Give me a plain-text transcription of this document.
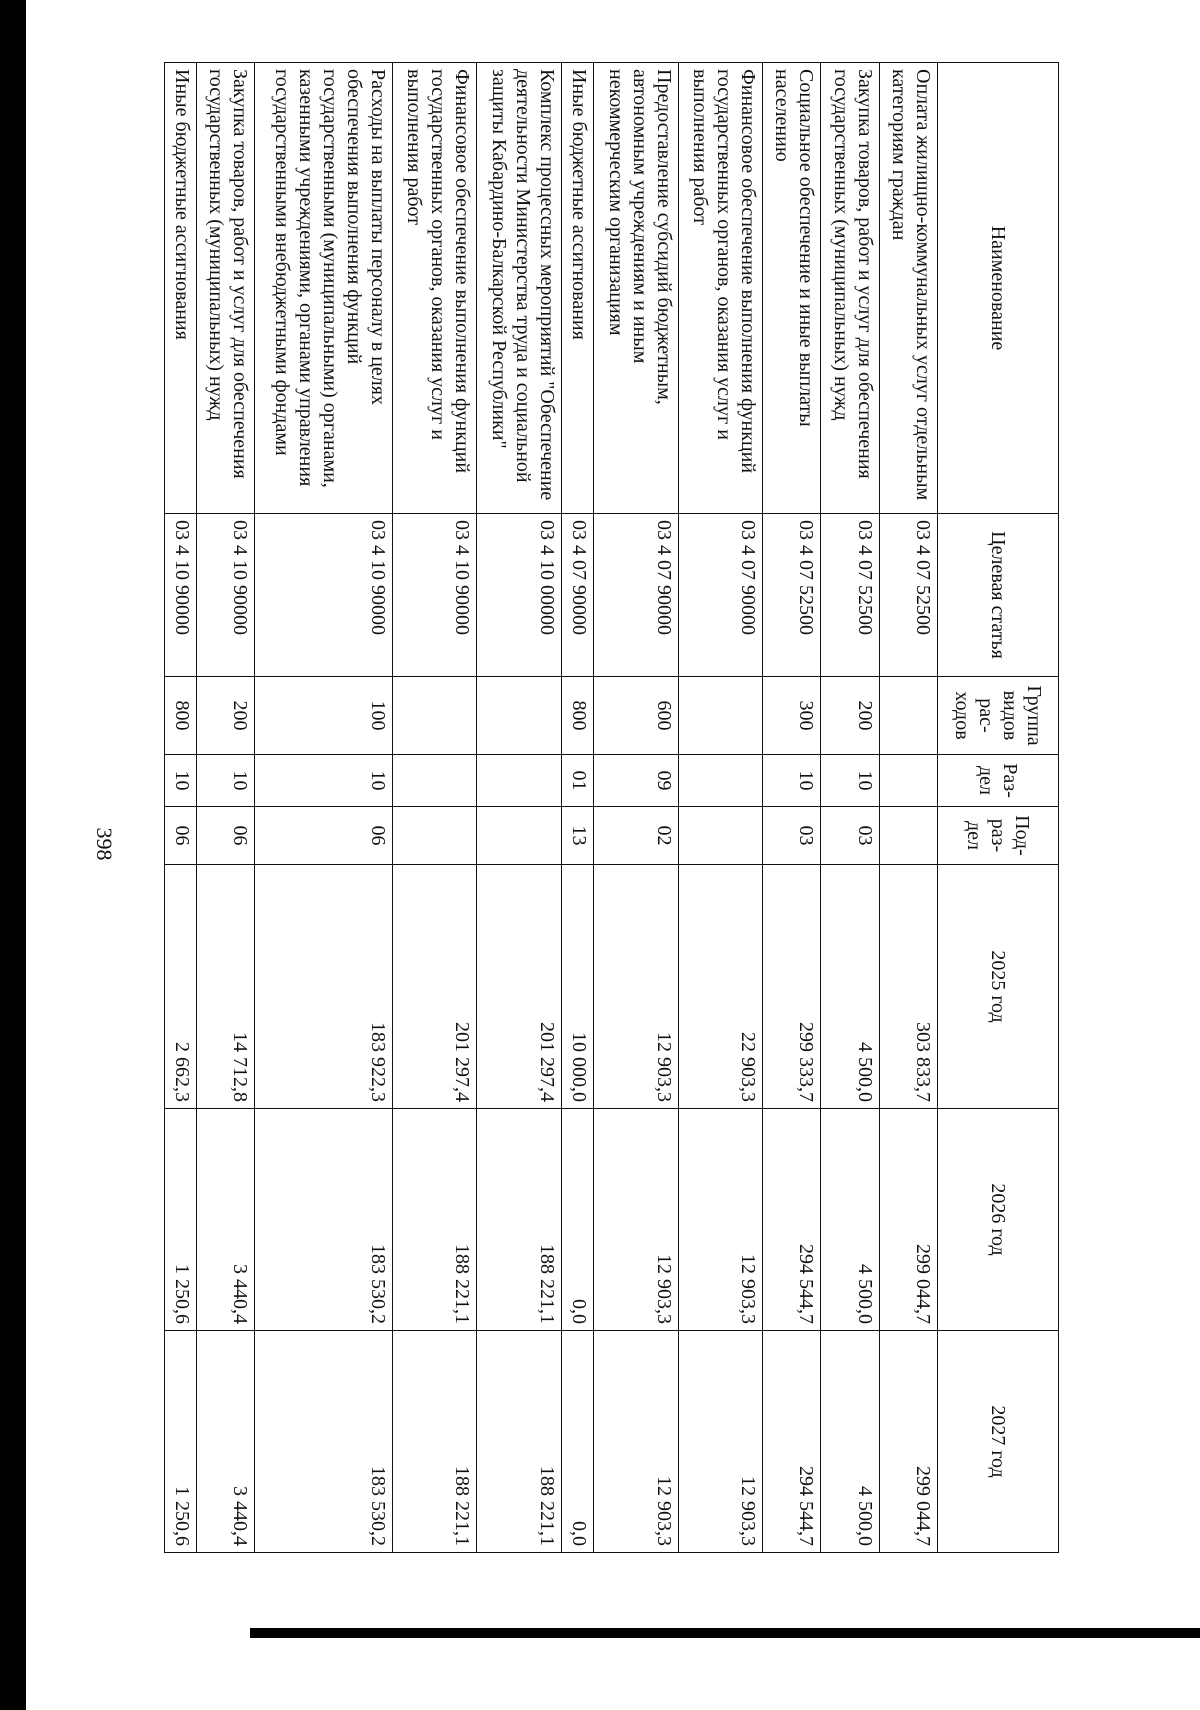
398
Наименование	Целевая статья	Группа видов рас-ходов	Раз-дел	Под-раз-дел	2025 год	2026 год	2027 год
Оплата жилищно-коммунальных услуг отдельным категориям граждан	03 4 07 52500				303 833,7	299 044,7	299 044,7
Закупка товаров, работ и услуг для обеспечения государственных (муниципальных) нужд	03 4 07 52500	200	10	03	4 500,0	4 500,0	4 500,0
Социальное обеспечение и иные выплаты населению	03 4 07 52500	300	10	03	299 333,7	294 544,7	294 544,7
Финансовое обеспечение выполнения функций государственных органов, оказания услуг и выполнения работ	03 4 07 90000				22 903,3	12 903,3	12 903,3
Предоставление субсидий бюджетным, автономным учреждениям и иным некоммерческим организациям	03 4 07 90000	600	09	02	12 903,3	12 903,3	12 903,3
Иные бюджетные ассигнования	03 4 07 90000	800	01	13	10 000,0	0,0	0,0
Комплекс процессных мероприятий "Обеспечение деятельности Министерства труда и социальной защиты Кабардино-Балкарской Республики"	03 4 10 00000				201 297,4	188 221,1	188 221,1
Финансовое обеспечение выполнения функций государственных органов, оказания услуг и выполнения работ	03 4 10 90000				201 297,4	188 221,1	188 221,1
Расходы на выплаты персоналу в целях обеспечения выполнения функций государственными (муниципальными) органами, казенными учреждениями, органами управления государственными внебюджетными фондами	03 4 10 90000	100	10	06	183 922,3	183 530,2	183 530,2
Закупка товаров, работ и услуг для обеспечения государственных (муниципальных) нужд	03 4 10 90000	200	10	06	14 712,8	3 440,4	3 440,4
Иные бюджетные ассигнования	03 4 10 90000	800	10	06	2 662,3	1 250,6	1 250,6
